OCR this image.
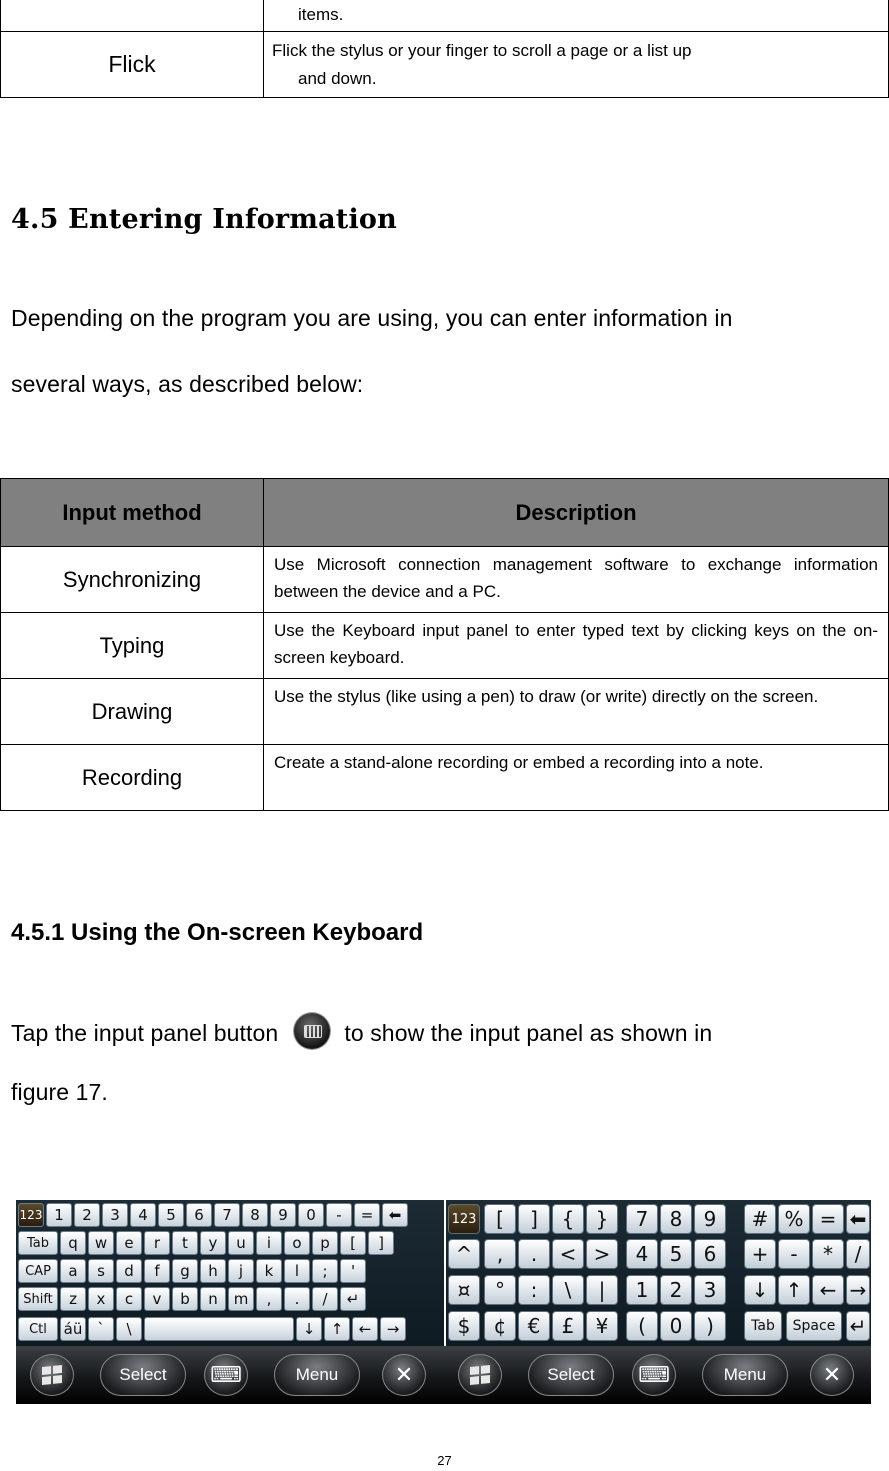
	items.

Flick	Flick the stylus or your finger to scroll a page or a list up
and down.
4.5 Entering Information
Depending on the program you are using, you can enter information in
several ways, as described below:
Input method	Description
Synchronizing	Use Microsoft connection management software to exchange information between the device and a PC.
Typing	Use the Keyboard input panel to enter typed text by clicking keys on the on- screen keyboard.
Drawing	Use the stylus (like using a pen) to draw (or write) directly on the screen.
Recording	Create a stand-alone recording or embed a recording into a note.
4.5.1 Using the On-screen Keyboard
Tap the input panel button	to show the input panel as shown in
figure 17.
123 1	2	3	4	5	6	7	8	9	0	-	=	⬅
Tab	q	w	e	r	t	y	u	i	o	p	[	]
CAP	a	s	d	f	g	h	j	k	l	;	'
Shift	z	x	c	v	b	n	m	,	.	/	↵
Ctl	áü `	\	↓	↑	←	→
123 [	]	{	}	7	8	9	# % = ⬅
^	,	.	< >	4	5	6	+	-	*	/
¤	°	:	\	|	1	2	3	↓ ↑ ← →
$	¢	€	£	¥	(	0	)	Tab	Space ↵
Select	⌨	Menu	✕	Select	⌨	Menu	✕
27
